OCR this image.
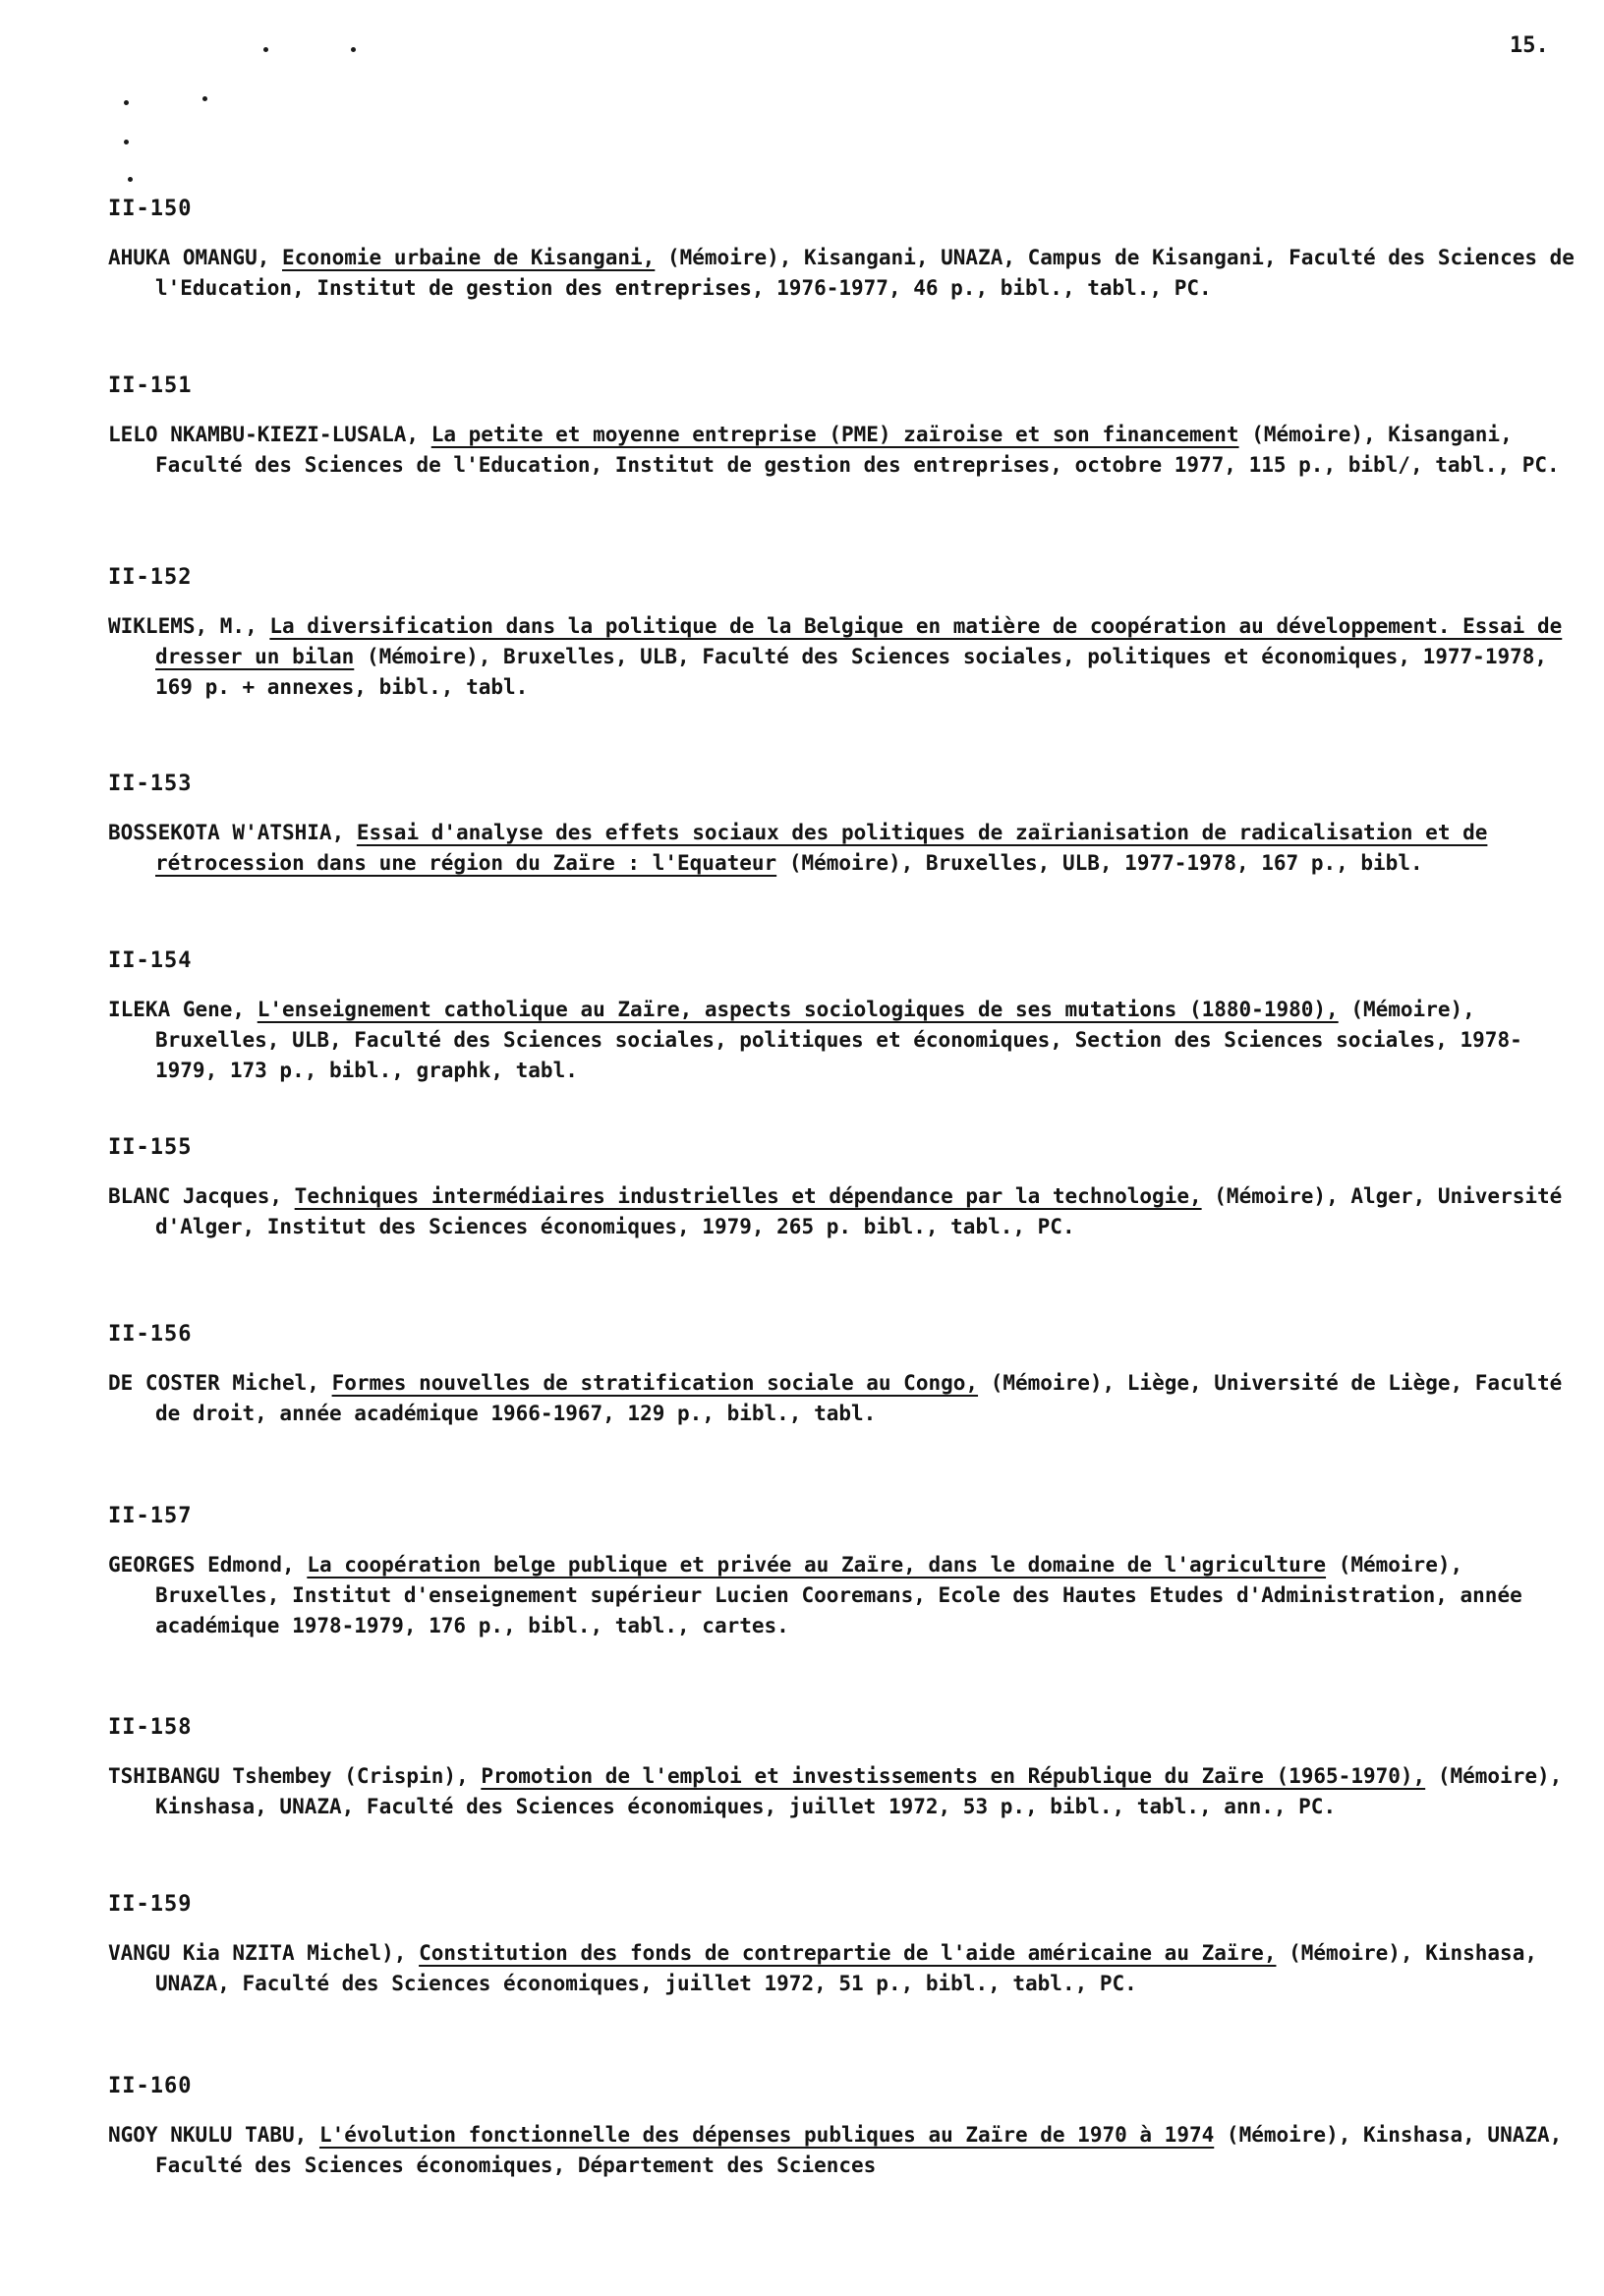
15.
II-150
AHUKA OMANGU, Economie urbaine de Kisangani, (Mémoire), Kisangani, UNAZA, Campus de Kisangani, Faculté des Sciences de l'Education, Institut de gestion des entreprises, 1976-1977, 46 p., bibl., tabl., PC.
II-151
LELO NKAMBU-KIEZI-LUSALA, La petite et moyenne entreprise (PME) zaïroise et son financement (Mémoire), Kisangani, Faculté des Sciences de l'Education, Institut de gestion des entreprises, octobre 1977, 115 p., bibl/, tabl., PC.
II-152
WIKLEMS, M., La diversification dans la politique de la Belgique en matière de coopération au développement. Essai de dresser un bilan (Mémoire), Bruxelles, ULB, Faculté des Sciences sociales, politiques et économiques, 1977-1978, 169 p. + annexes, bibl., tabl.
II-153
BOSSEKOTA W'ATSHIA, Essai d'analyse des effets sociaux des politiques de zaïrianisation de radicalisation et de rétrocession dans une région du Zaïre : l'Equateur (Mémoire), Bruxelles, ULB, 1977-1978, 167 p., bibl.
II-154
ILEKA Gene, L'enseignement catholique au Zaïre, aspects sociologiques de ses mutations (1880-1980), (Mémoire), Bruxelles, ULB, Faculté des Sciences sociales, politiques et économiques, Section des Sciences sociales, 1978-1979, 173 p., bibl., graphk, tabl.
II-155
BLANC Jacques, Techniques intermédiaires industrielles et dépendance par la technologie, (Mémoire), Alger, Université d'Alger, Institut des Sciences économiques, 1979, 265 p. bibl., tabl., PC.
II-156
DE COSTER Michel, Formes nouvelles de stratification sociale au Congo, (Mémoire), Liège, Université de Liège, Faculté de droit, année académique 1966-1967, 129 p., bibl., tabl.
II-157
GEORGES Edmond, La coopération belge publique et privée au Zaïre, dans le domaine de l'agriculture (Mémoire), Bruxelles, Institut d'enseignement supérieur Lucien Cooremans, Ecole des Hautes Etudes d'Administration, année académique 1978-1979, 176 p., bibl., tabl., cartes.
II-158
TSHIBANGU Tshembey (Crispin), Promotion de l'emploi et investissements en République du Zaïre (1965-1970), (Mémoire), Kinshasa, UNAZA, Faculté des Sciences économiques, juillet 1972, 53 p., bibl., tabl., ann., PC.
II-159
VANGU Kia NZITA Michel), Constitution des fonds de contrepartie de l'aide américaine au Zaïre, (Mémoire), Kinshasa, UNAZA, Faculté des Sciences économiques, juillet 1972, 51 p., bibl., tabl., PC.
II-160
NGOY NKULU TABU, L'évolution fonctionnelle des dépenses publiques au Zaïre de 1970 à 1974 (Mémoire), Kinshasa, UNAZA, Faculté des Sciences économiques, Département des Sciences
